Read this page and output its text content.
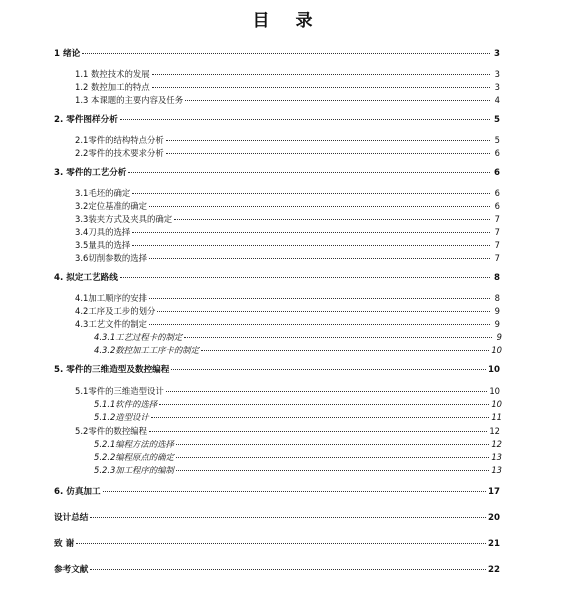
目 录
1 绪论	3
1.1 数控技术的发展	3
1.2 数控加工的特点	3
1.3 本课题的主要内容及任务	4
2. 零件图样分析	5
2.1零件的结构特点分析	5
2.2零件的技术要求分析	6
3. 零件的工艺分析	6
3.1毛坯的确定	6
3.2定位基准的确定	6
3.3装夹方式及夹具的确定	7
3.4刀具的选择	7
3.5量具的选择	7
3.6切削参数的选择	7
4. 拟定工艺路线	8
4.1加工顺序的安排	8
4.2工序及工步的划分	9
4.3工艺文件的制定	9
4.3.1工艺过程卡的制定	9
4.3.2数控加工工序卡的制定	10
5. 零件的三维造型及数控编程	10
5.1零件的三维造型设计	10
5.1.1软件的选择	10
5.1.2造型设计	11
5.2零件的数控编程	12
5.2.1编程方法的选择	12
5.2.2编程原点的确定	13
5.2.3加工程序的编制	13
6. 仿真加工	17
设计总结	20
致 谢	21
参考文献	22
